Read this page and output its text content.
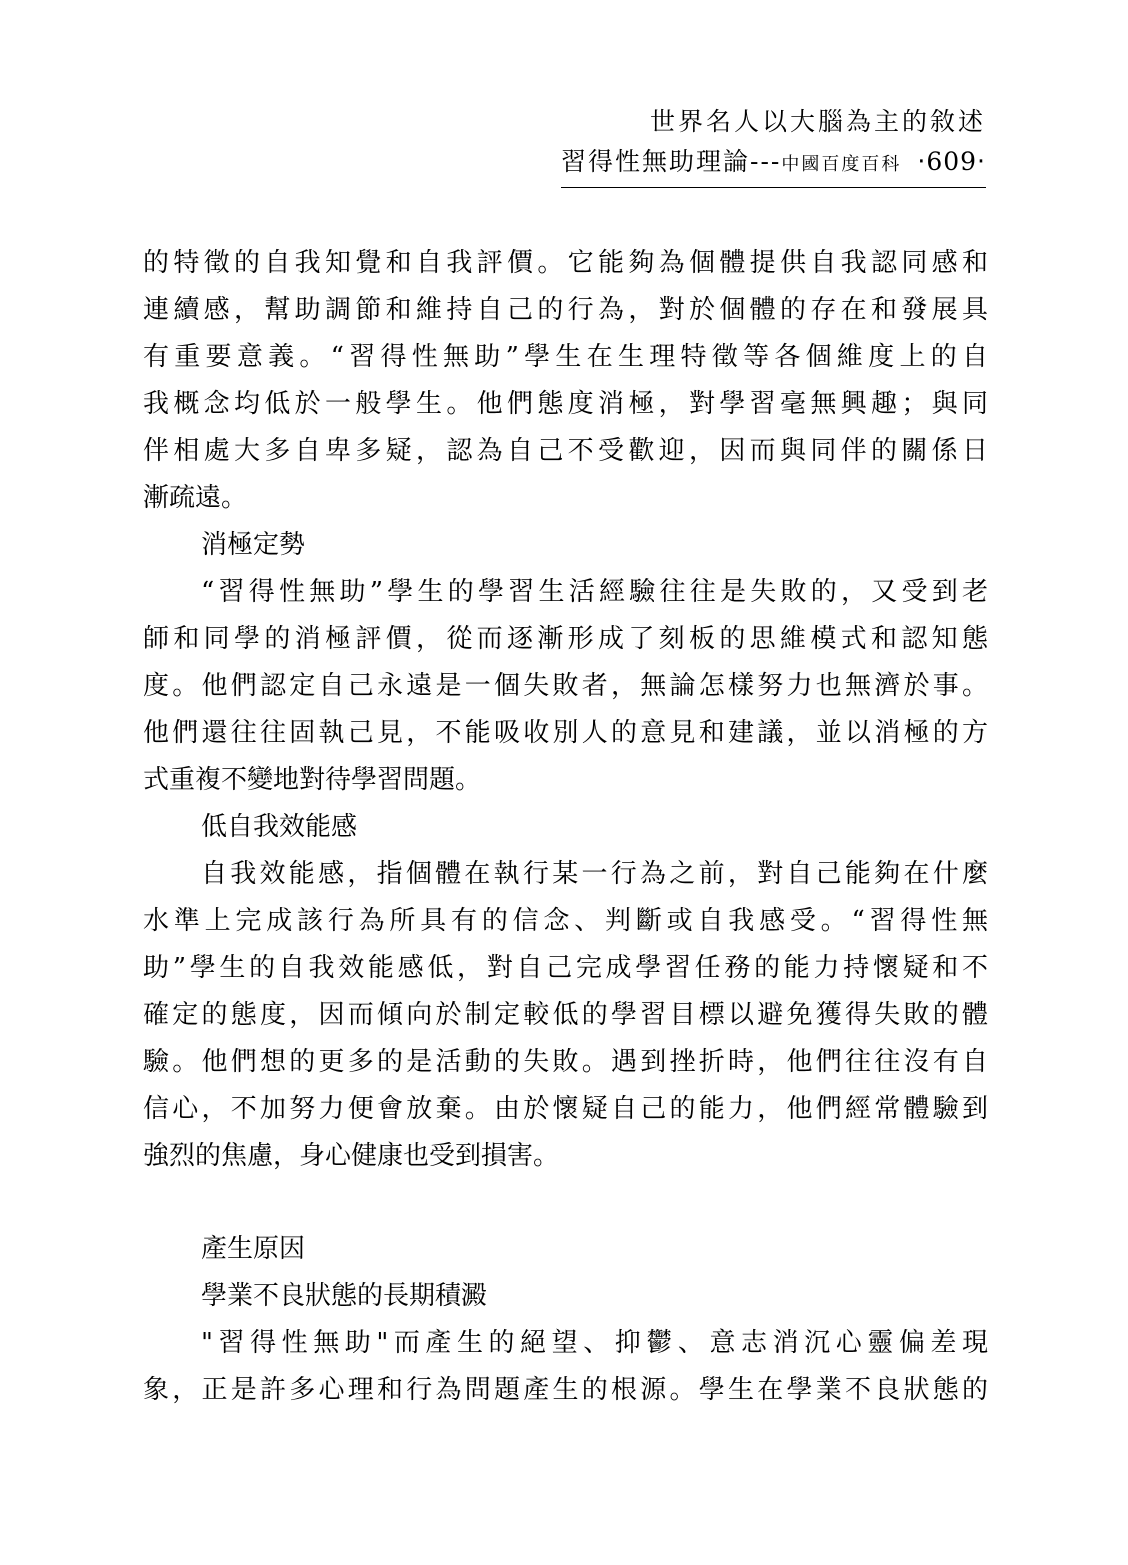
世界名人以大腦為主的敘述
習得性無助理論---中國百度百科 ‧609‧
的特徵的自我知覺和自我評價。它能夠為個體提供自我認同感和
連續感，幫助調節和維持自己的行為，對於個體的存在和發展具
有重要意義。“習得性無助”學生在生理特徵等各個維度上的自
我概念均低於一般學生。他們態度消極，對學習毫無興趣；與同
伴相處大多自卑多疑，認為自己不受歡迎，因而與同伴的關係日
漸疏遠。
消極定勢
“習得性無助”學生的學習生活經驗往往是失敗的，又受到老
師和同學的消極評價，從而逐漸形成了刻板的思維模式和認知態
度。他們認定自己永遠是一個失敗者，無論怎樣努力也無濟於事。
他們還往往固執己見，不能吸收別人的意見和建議，並以消極的方
式重複不變地對待學習問題。
低自我效能感
自我效能感，指個體在執行某一行為之前，對自己能夠在什麼
水準上完成該行為所具有的信念、判斷或自我感受。“習得性無
助”學生的自我效能感低，對自己完成學習任務的能力持懷疑和不
確定的態度，因而傾向於制定較低的學習目標以避免獲得失敗的體
驗。他們想的更多的是活動的失敗。遇到挫折時，他們往往沒有自
信心，不加努力便會放棄。由於懷疑自己的能力，他們經常體驗到
強烈的焦慮，身心健康也受到損害。
產生原因
學業不良狀態的長期積澱
"習得性無助"而產生的絕望、抑鬱、意志消沉心靈偏差現
象，正是許多心理和行為問題產生的根源。學生在學業不良狀態的
